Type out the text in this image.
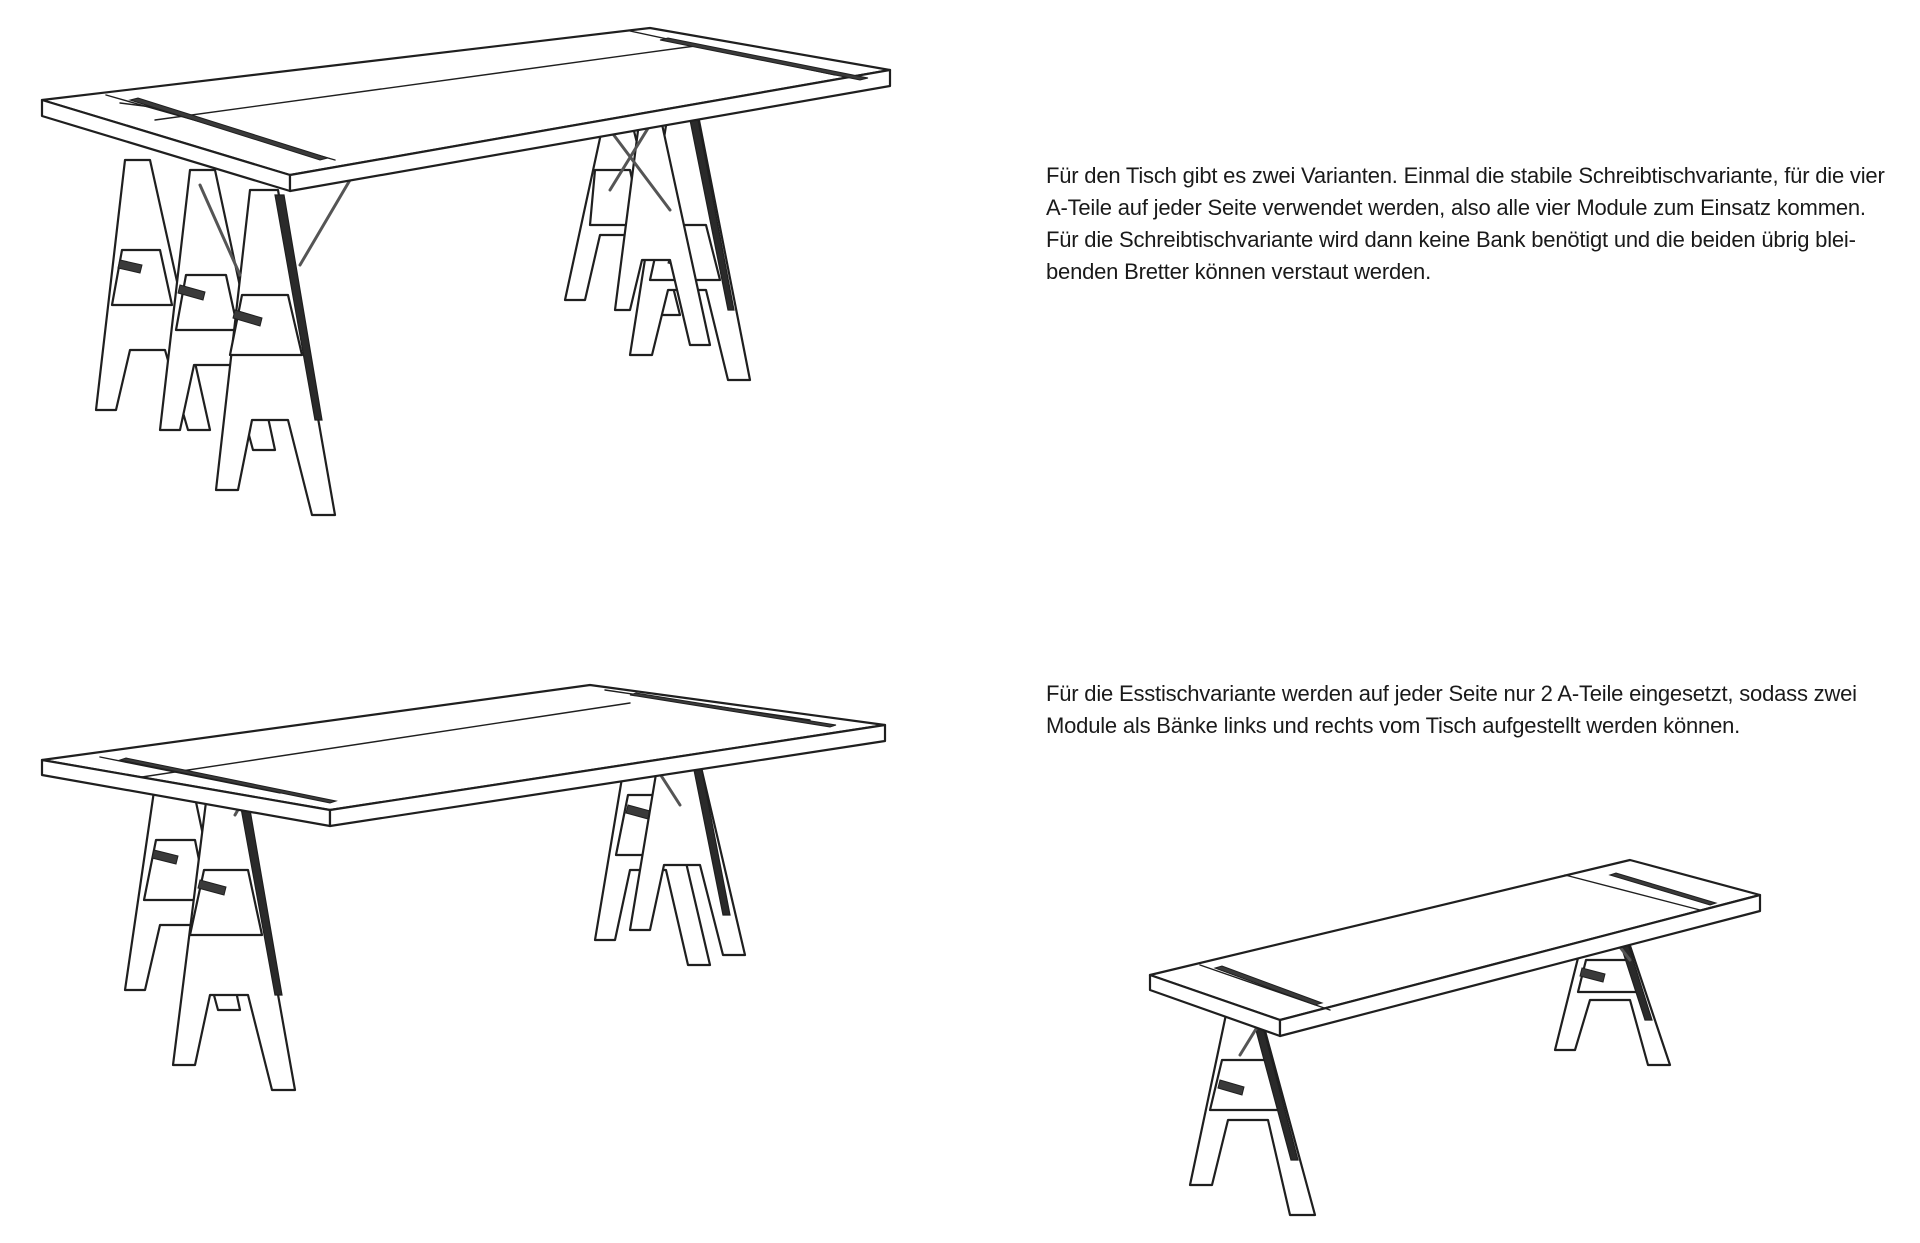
Für den Tisch gibt es zwei Varianten. Einmal die stabile Schreibtischvariante, für die vier
A-Teile auf jeder Seite verwendet werden, also alle vier Module zum Einsatz kommen.
Für die Schreibtischvariante wird dann keine Bank benötigt und die beiden übrig blei-
benden Bretter können verstaut werden.
Für die Esstischvariante werden auf jeder Seite nur 2 A-Teile eingesetzt, sodass zwei
Module als Bänke links und rechts vom Tisch aufgestellt werden können.
